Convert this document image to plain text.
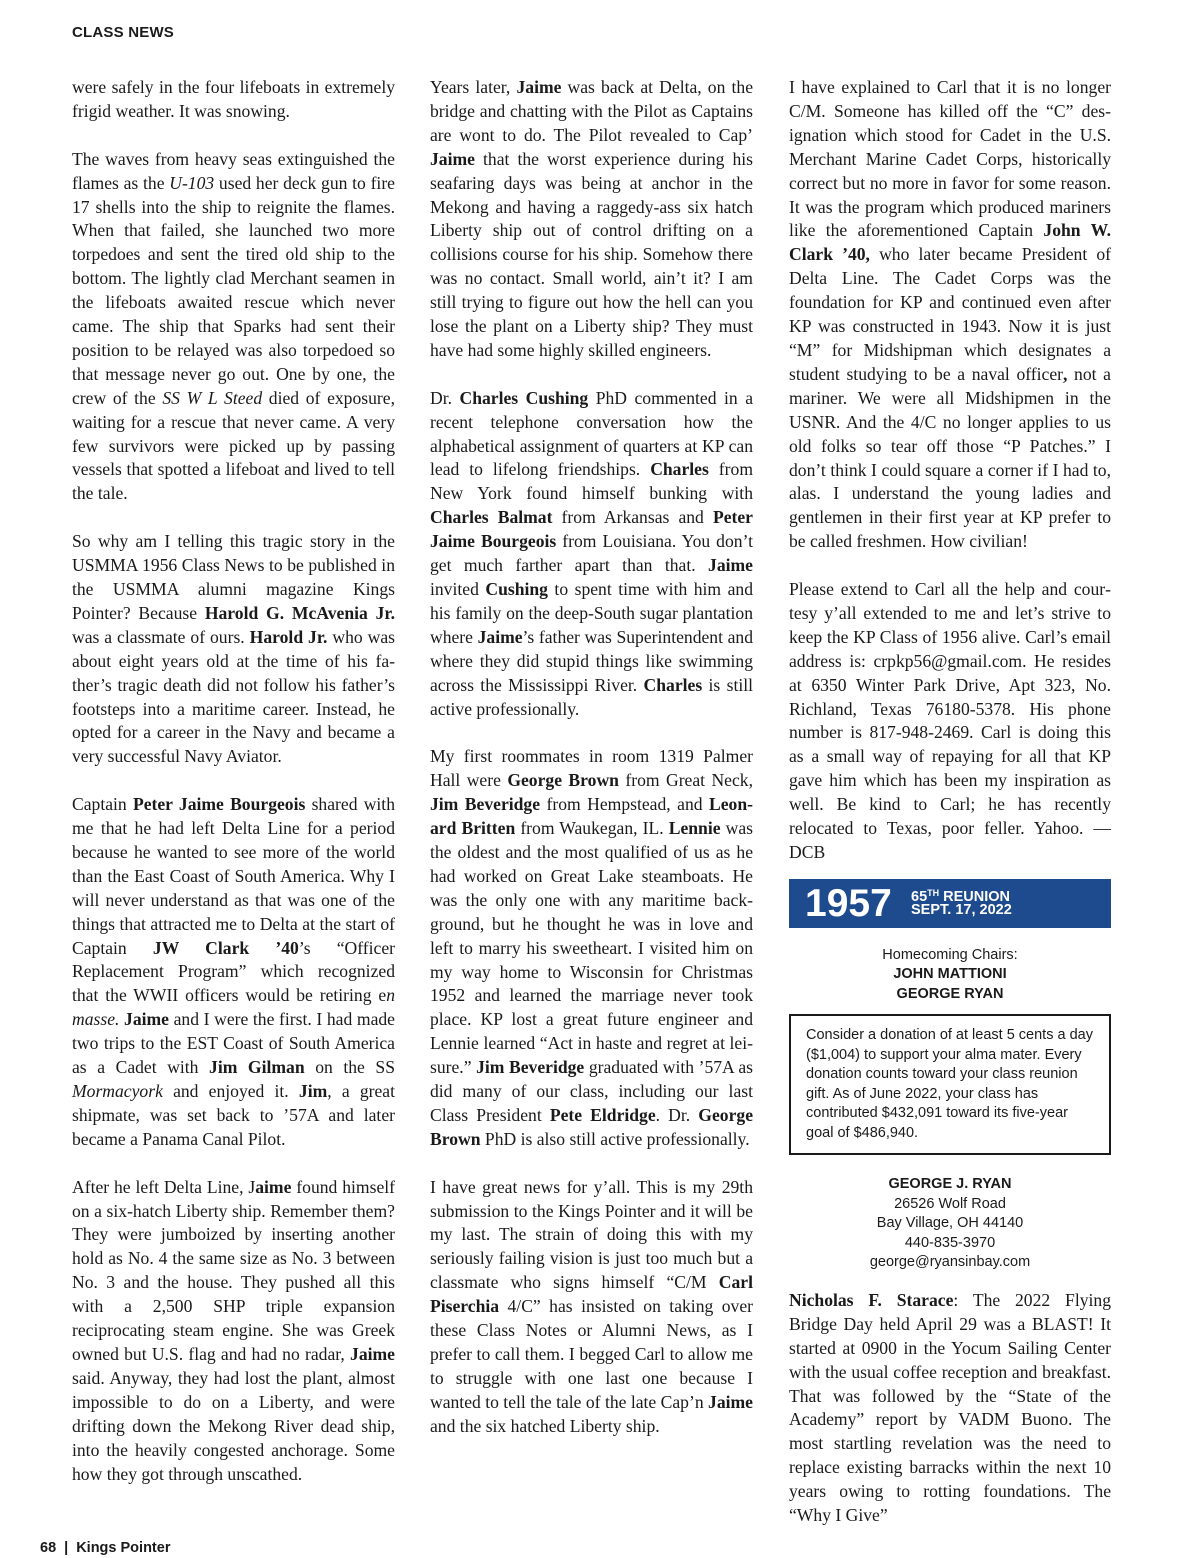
CLASS NEWS

were safely in the four lifeboats in extremely frigid weather. It was snowing.

The waves from heavy seas extinguished the flames as the U-103 used her deck gun to fire 17 shells into the ship to reignite the flames. When that failed, she launched two more torpedoes and sent the tired old ship to the bottom. The lightly clad Merchant seamen in the lifeboats awaited rescue which never came. The ship that Sparks had sent their position to be relayed was also torpedoed so that message never go out. One by one, the crew of the SS W L Steed died of exposure, waiting for a rescue that never came. A very few survivors were picked up by passing vessels that spotted a lifeboat and lived to tell the tale.

So why am I telling this tragic story in the USMMA 1956 Class News to be published in the USMMA alumni magazine Kings Pointer? Because Harold G. McAvenia Jr. was a classmate of ours. Harold Jr. who was about eight years old at the time of his father’s tragic death did not follow his father’s footsteps into a maritime career. Instead, he opted for a career in the Navy and became a very successful Navy Aviator.

Captain Peter Jaime Bourgeois shared with me that he had left Delta Line for a period because he wanted to see more of the world than the East Coast of South America. Why I will never understand as that was one of the things that attracted me to Delta at the start of Captain JW Clark ’40’s “Officer Replacement Program” which recognized that the WWII officers would be retiring en masse. Jaime and I were the first. I had made two trips to the EST Coast of South America as a Cadet with Jim Gilman on the SS Mormacyork and enjoyed it. Jim, a great shipmate, was set back to ’57A and later became a Panama Canal Pilot.

After he left Delta Line, Jaime found himself on a six-hatch Liberty ship. Remember them? They were jumboized by inserting another hold as No. 4 the same size as No. 3 between No. 3 and the house. They pushed all this with a 2,500 SHP triple expansion reciprocating steam engine. She was Greek owned but U.S. flag and had no radar, Jaime said. Anyway, they had lost the plant, almost impossible to do on a Liberty, and were drifting down the Mekong River dead ship, into the heavily congested anchorage. Some how they got through unscathed.

Years later, Jaime was back at Delta, on the bridge and chatting with the Pilot as Captains are wont to do. The Pilot revealed to Cap’ Jaime that the worst experience during his seafaring days was being at anchor in the Mekong and having a raggedy-ass six hatch Liberty ship out of control drifting on a collisions course for his ship. Somehow there was no contact. Small world, ain’t it? I am still trying to figure out how the hell can you lose the plant on a Liberty ship? They must have had some highly skilled engineers.

Dr. Charles Cushing PhD commented in a recent telephone conversation how the alphabetical assignment of quarters at KP can lead to lifelong friendships. Charles from New York found himself bunking with Charles Balmat from Arkansas and Peter Jaime Bourgeois from Louisiana. You don’t get much farther apart than that. Jaime invited Cushing to spent time with him and his family on the deep-South sugar plantation where Jaime’s father was Superintendent and where they did stupid things like swimming across the Mississippi River. Charles is still active professionally.

My first roommates in room 1319 Palmer Hall were George Brown from Great Neck, Jim Beveridge from Hempstead, and Leonard Britten from Waukegan, IL. Lennie was the oldest and the most qualified of us as he had worked on Great Lake steamboats. He was the only one with any maritime background, but he thought he was in love and left to marry his sweetheart. I visited him on my way home to Wisconsin for Christmas 1952 and learned the marriage never took place. KP lost a great future engineer and Lennie learned “Act in haste and regret at leisure.” Jim Beveridge graduated with ’57A as did many of our class, including our last Class President Pete Eldridge. Dr. George Brown PhD is also still active professionally.

I have great news for y’all. This is my 29th submission to the Kings Pointer and it will be my last. The strain of doing this with my seriously failing vision is just too much but a classmate who signs himself “C/M Carl Piserchia 4/C” has insisted on taking over these Class Notes or Alumni News, as I prefer to call them. I begged Carl to allow me to struggle with one last one because I wanted to tell the tale of the late Cap’n Jaime and the six hatched Liberty ship.

I have explained to Carl that it is no longer C/M. Someone has killed off the “C” designation which stood for Cadet in the U.S. Merchant Marine Cadet Corps, historically correct but no more in favor for some reason. It was the program which produced mariners like the aforementioned Captain John W. Clark ’40, who later became President of Delta Line. The Cadet Corps was the foundation for KP and continued even after KP was constructed in 1943. Now it is just “M” for Midshipman which designates a student studying to be a naval officer, not a mariner. We were all Midshipmen in the USNR. And the 4/C no longer applies to us old folks so tear off those “P Patches.” I don’t think I could square a corner if I had to, alas. I understand the young ladies and gentlemen in their first year at KP prefer to be called freshmen. How civilian!

Please extend to Carl all the help and courtesy y’all extended to me and let’s strive to keep the KP Class of 1956 alive. Carl’s email address is: crpkp56@gmail.com. He resides at 6350 Winter Park Drive, Apt 323, No. Richland, Texas 76180-5378. His phone number is 817-948-2469. Carl is doing this as a small way of repaying for all that KP gave him which has been my inspiration as well. Be kind to Carl; he has recently relocated to Texas, poor feller. Yahoo. —DCB

1957 65TH REUNION
SEPT. 17, 2022
Homecoming Chairs:
JOHN MATTIONI
GEORGE RYAN
Consider a donation of at least 5 cents a day ($1,004) to support your alma mater. Every donation counts toward your class reunion gift. As of June 2022, your class has contributed $432,091 toward its five-year goal of $486,940.
GEORGE J. RYAN
26526 Wolf Road
Bay Village, OH 44140
440-835-3970
george@ryansinbay.com

Nicholas F. Starace: The 2022 Flying Bridge Day held April 29 was a BLAST! It started at 0900 in the Yocum Sailing Center with the usual coffee reception and breakfast. That was followed by the “State of the Academy” report by VADM Buono. The most startling revelation was the need to replace existing barracks within the next 10 years owing to rotting foundations. The “Why I Give”

68 | Kings Pointer
